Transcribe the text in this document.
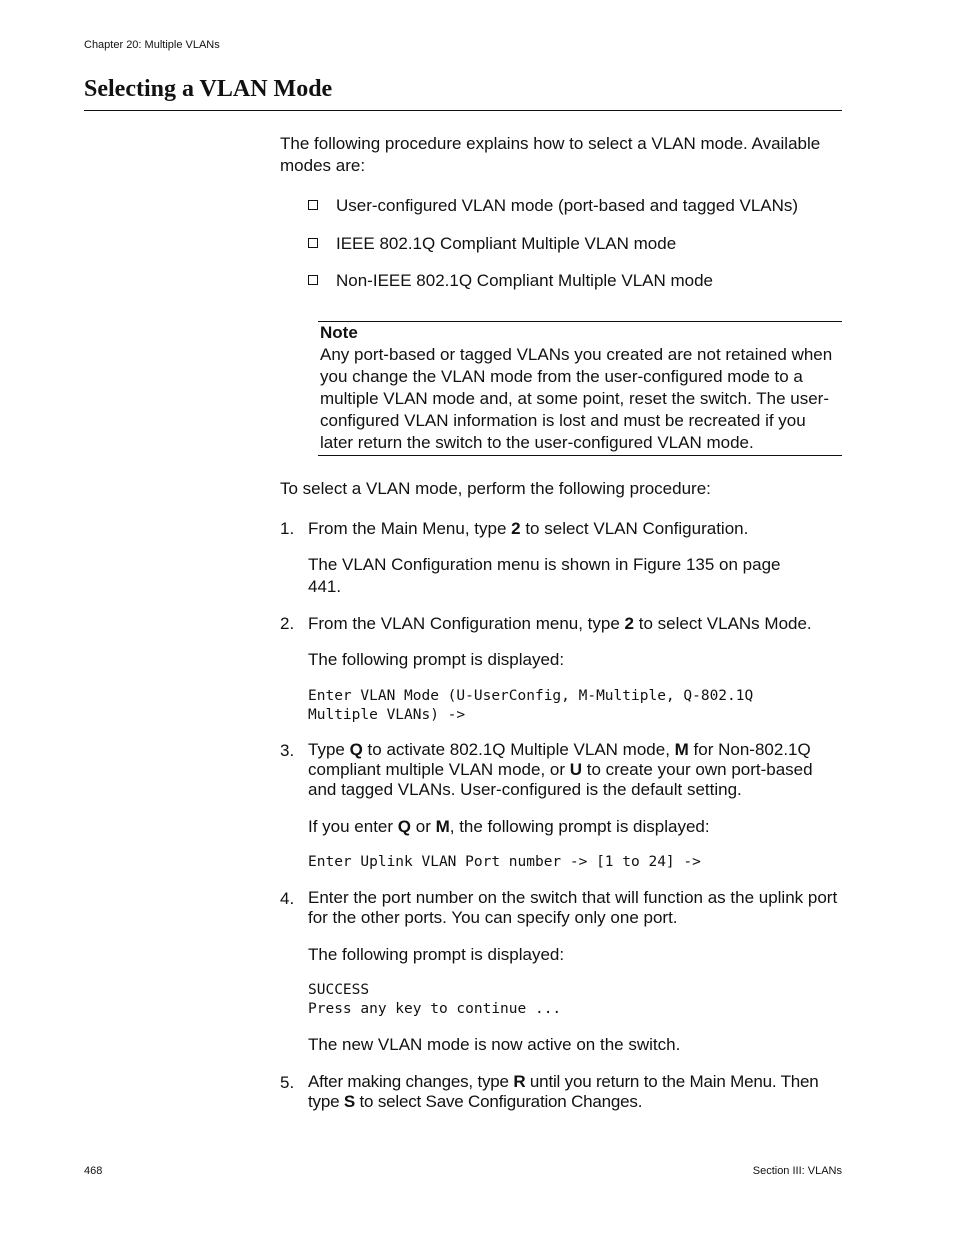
Chapter 20: Multiple VLANs
Selecting a VLAN Mode
The following procedure explains how to select a VLAN mode. Available modes are:
User-configured VLAN mode (port-based and tagged VLANs)
IEEE 802.1Q Compliant Multiple VLAN mode
Non-IEEE 802.1Q Compliant Multiple VLAN mode
Note
Any port-based or tagged VLANs you created are not retained when you change the VLAN mode from the user-configured mode to a multiple VLAN mode and, at some point, reset the switch. The user-configured VLAN information is lost and must be recreated if you later return the switch to the user-configured VLAN mode.
To select a VLAN mode, perform the following procedure:
1. From the Main Menu, type 2 to select VLAN Configuration.
The VLAN Configuration menu is shown in Figure 135 on page 441.
2. From the VLAN Configuration menu, type 2 to select VLANs Mode.
The following prompt is displayed:
Enter VLAN Mode (U-UserConfig, M-Multiple, Q-802.1Q
Multiple VLANs) ->
3. Type Q to activate 802.1Q Multiple VLAN mode, M for Non-802.1Q compliant multiple VLAN mode, or U to create your own port-based and tagged VLANs. User-configured is the default setting.
If you enter Q or M, the following prompt is displayed:
Enter Uplink VLAN Port number -> [1 to 24] ->
4. Enter the port number on the switch that will function as the uplink port for the other ports. You can specify only one port.
The following prompt is displayed:
SUCCESS
Press any key to continue ...
The new VLAN mode is now active on the switch.
5. After making changes, type R until you return to the Main Menu. Then type S to select Save Configuration Changes.
468	Section III: VLANs
